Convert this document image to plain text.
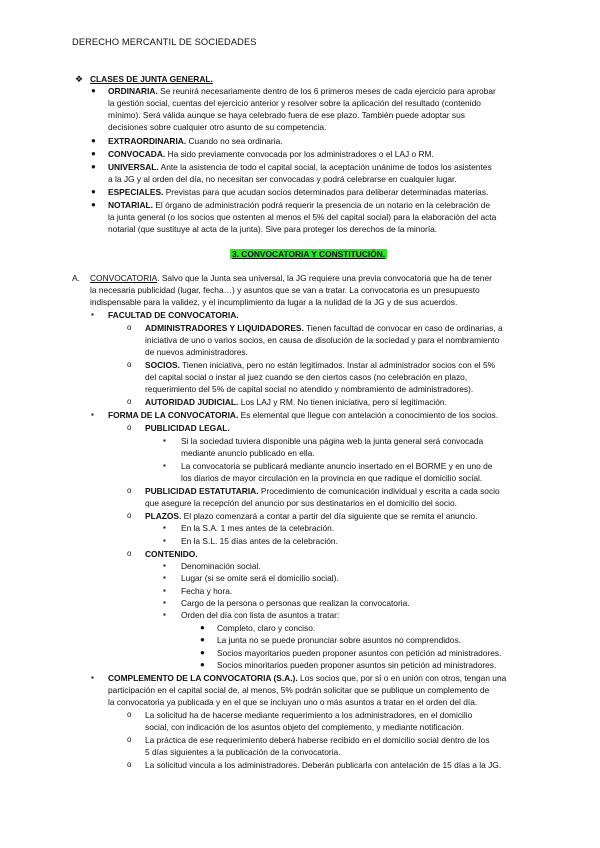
DERECHO MERCANTIL DE SOCIEDADES
❖ CLASES DE JUNTA GENERAL.
● ORDINARIA. Se reunirá necesariamente dentro de los 6 primeros meses de cada ejercicio para aprobar
la gestión social, cuentas del ejercicio anterior y resolver sobre la aplicación del resultado (contenido
mínimo). Será válida aunque se haya celebrado fuera de ese plazo. También puede adoptar sus
decisiones sobre cualquier otro asunto de su competencia.
● EXTRAORDINARIA. Cuando no sea ordinaria.
● CONVOCADA. Ha sido previamente convocada por los administradores o el LAJ o RM.
● UNIVERSAL. Ante la asistencia de todo el capital social, la aceptación unánime de todos los asistentes
a la JG y al orden del día, no necesitan ser convocadas y podrá celebrarse en cualquier lugar.
● ESPECIALES. Previstas para que acudan socios determinados para deliberar determinadas materias.
● NOTARIAL. El órgano de administración podrá requerir la presencia de un notario en la celebración de
la junta general (o los socios que ostenten al menos el 5% del capital social) para la elaboración del acta
notarial (que sustituye al acta de la junta). Sive para proteger los derechos de la minoría.
3. CONVOCATORIA Y CONSTITUCIÓN.
A. CONVOCATORIA. Salvo que la Junta sea universal, la JG requiere una previa convocatoria que ha de tener
la necesaria publicidad (lugar, fecha…) y asuntos que se van a tratar. La convocatoria es un presupuesto
indispensable para la validez, y el incumplimiento da lugar a la nulidad de la JG y de sus acuerdos.
▪ FACULTAD DE CONVOCATORIA.
o ADMINISTRADORES Y LIQUIDADORES. Tienen facultad de convocar en caso de ordinarias, a
iniciativa de uno o varios socios, en causa de disolución de la sociedad y para el nombramiento
de nuevos administradores.
o SOCIOS. Tienen iniciativa, pero no están legitimados. Instar al administrador socios con el 5%
del capital social o instar al juez cuando se den ciertos casos (no celebración en plazo,
requerimiento del 5% de capital social no atendido y nombramiento de administradores).
o AUTORIDAD JUDICIAL. Los LAJ y RM. No tienen iniciativa, pero sí legitimación.
▪ FORMA DE LA CONVOCATORIA. Es elemental que llegue con antelación a conocimiento de los socios.
o PUBLICIDAD LEGAL.
▪ Si la sociedad tuviera disponible una página web la junta general será convocada
mediante anuncio publicado en ella.
▪ La convocatoria se publicará mediante anuncio insertado en el BORME y en uno de
los diarios de mayor circulación en la provincia en que radique el domicilio social.
o PUBLICIDAD ESTATUTARIA. Procedimiento de comunicación individual y escrita a cada socio
que asegure la recepción del anuncio por sus destinatarios en el domicilio del socio.
o PLAZOS. El plazo comenzará a contar a partir del día siguiente que se remita el anuncio.
▪ En la S.A. 1 mes antes de la celebración.
▪ En la S.L. 15 días antes de la celebración.
o CONTENIDO.
▪ Denominación social.
▪ Lugar (si se omite será el domicilio social).
▪ Fecha y hora.
▪ Cargo de la persona o personas que realizan la convocatoria.
▪ Orden del día con lista de asuntos a tratar:
● Completo, claro y conciso.
● La junta no se puede pronunciar sobre asuntos no comprendidos.
● Socios mayoritarios pueden proponer asuntos con petición ad ministradores.
● Socios minoritarios pueden proponer asuntos sin petición ad ministradores.
▪ COMPLEMENTO DE LA CONVOCATORIA (S.A.). Los socios que, por sí o en unión con otros, tengan una
participación en el capital social de, al menos, 5% podrán solicitar que se publique un complemento de
la convocatoria ya publicada y en el que se incluyan uno o más asuntos a tratar en el orden del día.
o La solicitud ha de hacerse mediante requerimiento a los administradores, en el domicilio
social, con indicación de los asuntos objeto del complemento, y mediante notificación.
o La práctica de ese requerimiento deberá haberse recibido en el domicilio social dentro de los
5 días siguientes a la publicación de la convocatoria.
o La solicitud vincula a los administradores. Deberán publicarla con antelación de 15 días a la JG.
